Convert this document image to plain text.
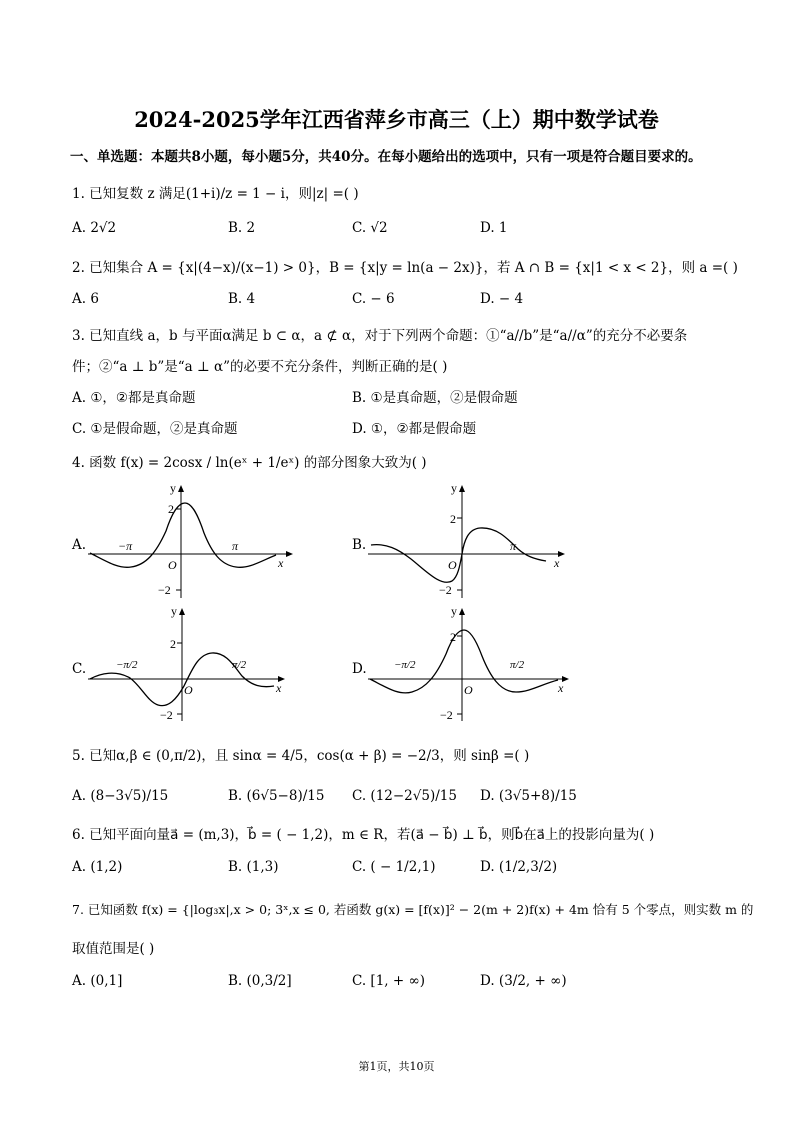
2024-2025学年江西省萍乡市高三（上）期中数学试卷
一、单选题：本题共8小题，每小题5分，共40分。在每小题给出的选项中，只有一项是符合题目要求的。
1. 已知复数 z 满足(1+i)/z = 1 − i，则|z| =( )
A. 2√2	B. 2	C. √2	D. 1
2. 已知集合 A = {x|(4−x)/(x−1) > 0}，B = {x|y = ln(a − 2x)}，若 A ∩ B = {x|1 < x < 2}，则 a =( )
A. 6	B. 4	C. − 6	D. − 4
3. 已知直线 a，b 与平面α满足 b ⊂ α，a ⊄ α，对于下列两个命题：①“a//b”是“a//α”的充分不必要条
件；②“a ⊥ b”是“a ⊥ α”的必要不充分条件，判断正确的是( )
A. ①，②都是真命题	B. ①是真命题，②是假命题
C. ①是假命题，②是真命题	D. ①，②都是假命题
4. 函数 f(x) = 2cosx / ln(eˣ + 1/eˣ) 的部分图象大致为( )
A.	B.
C.	D.
y
x
O
2
−2
−π	π
y
x
O
2
−2
π
y
x
O
2
−2
−π/2	π/2
y
x
O
2
−2
−π/2	π/2
5. 已知α,β ∈ (0,π/2)，且 sinα = 4/5，cos(α + β) = −2/3，则 sinβ =( )
A. (8−3√5)/15	B. (6√5−8)/15 C. (12−2√5)/15 D. (3√5+8)/15
6. 已知平面向量a⃗ = (m,3)，b⃗ = ( − 1,2)，m ∈ R，若(a⃗ − b⃗) ⊥ b⃗，则b⃗在a⃗上的投影向量为( )
A. (1,2)	B. (1,3)	C. ( − 1/2,1)	D. (1/2,3/2)
7. 已知函数 f(x) = {|log₃x|,x > 0; 3ˣ,x ≤ 0, 若函数 g(x) = [f(x)]² − 2(m + 2)f(x) + 4m 恰有 5 个零点，则实数 m 的
取值范围是( )
A. (0,1]	B. (0,3/2]	C. [1, + ∞)	D. (3/2, + ∞)
第1页，共10页
